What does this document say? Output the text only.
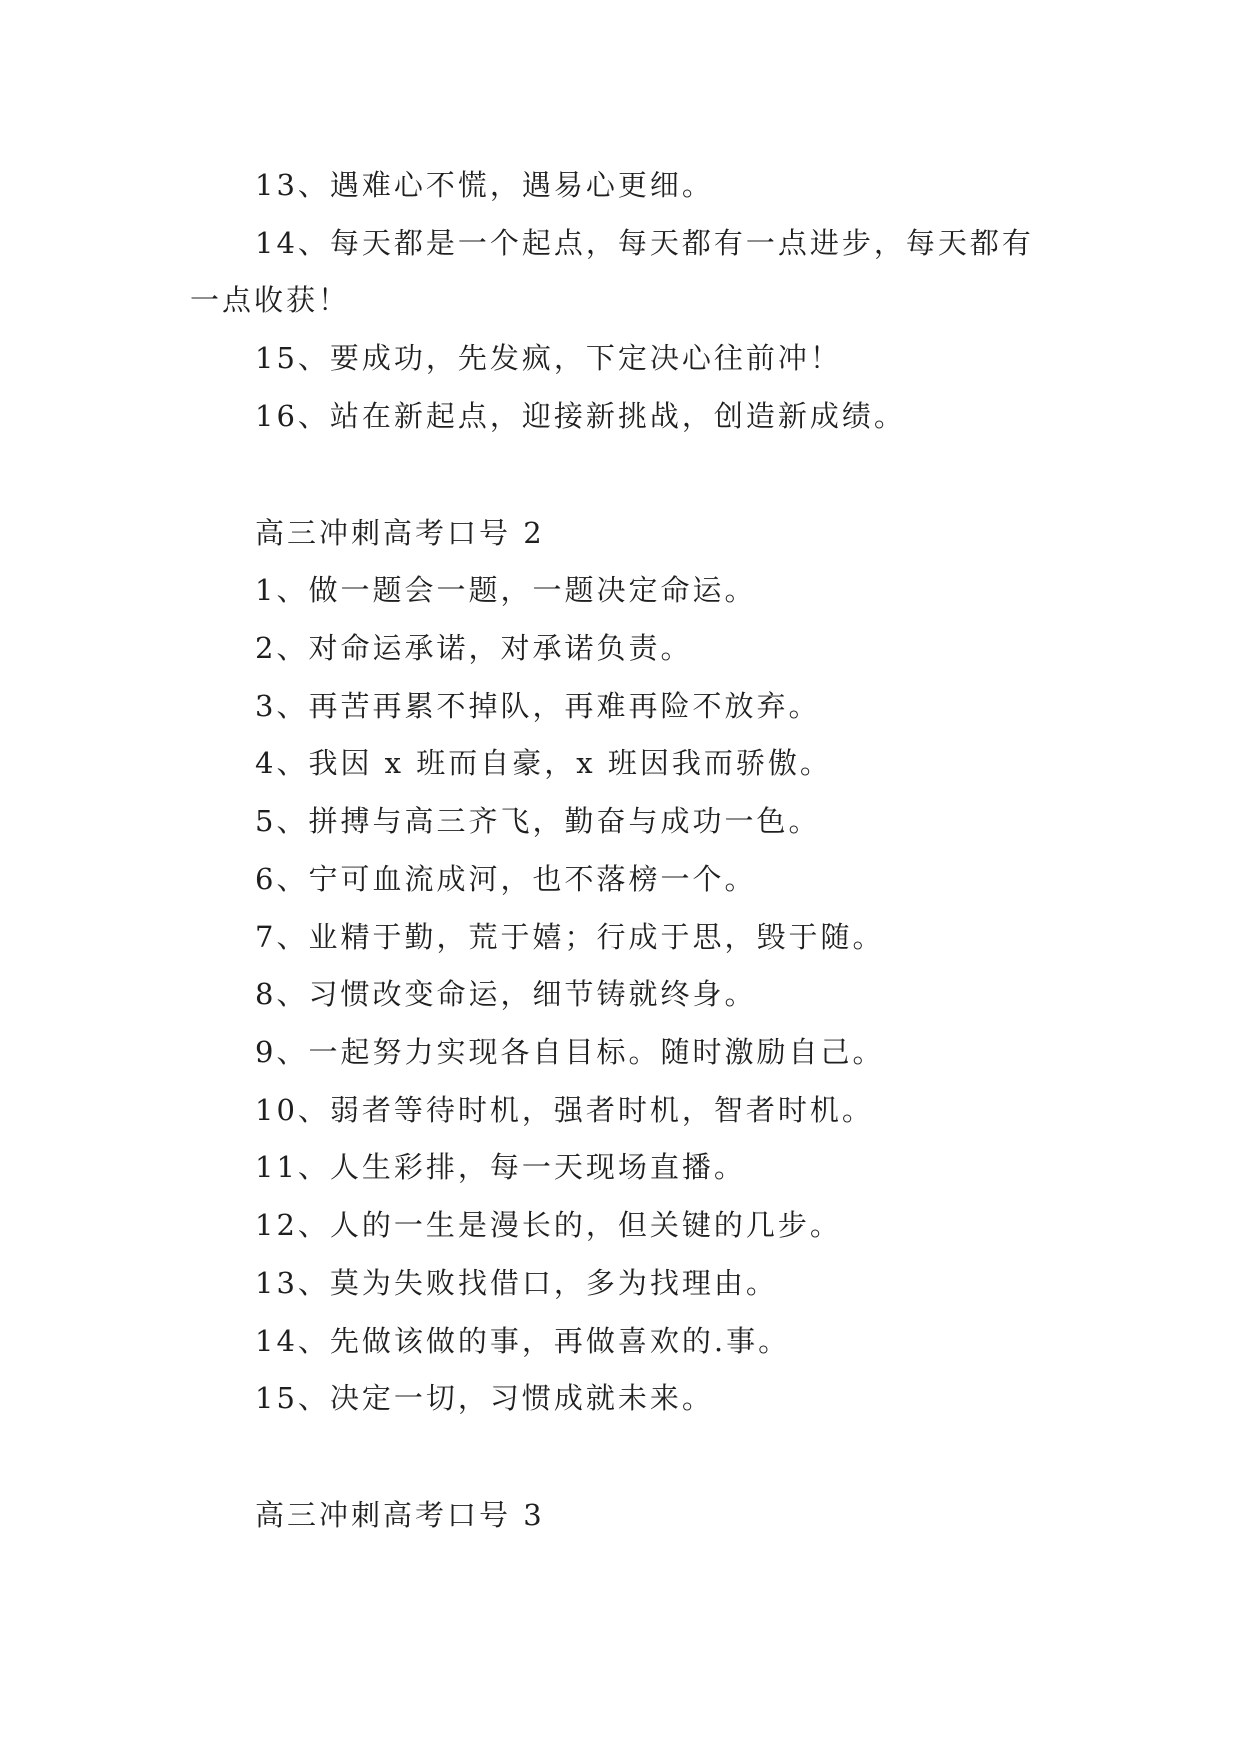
13、遇难心不慌，遇易心更细。

14、每天都是一个起点，每天都有一点进步，每天都有

一点收获！

15、要成功，先发疯，下定决心往前冲！

16、站在新起点，迎接新挑战，创造新成绩。

高三冲刺高考口号 2

1、做一题会一题，一题决定命运。

2、对命运承诺，对承诺负责。

3、再苦再累不掉队，再难再险不放弃。

4、我因 x 班而自豪，x 班因我而骄傲。

5、拼搏与高三齐飞，勤奋与成功一色。

6、宁可血流成河，也不落榜一个。

7、业精于勤，荒于嬉；行成于思，毁于随。

8、习惯改变命运，细节铸就终身。

9、一起努力实现各自目标。随时激励自己。

10、弱者等待时机，强者时机，智者时机。

11、人生彩排，每一天现场直播。

12、人的一生是漫长的，但关键的几步。

13、莫为失败找借口，多为找理由。

14、先做该做的事，再做喜欢的.事。

15、决定一切，习惯成就未来。

高三冲刺高考口号 3
